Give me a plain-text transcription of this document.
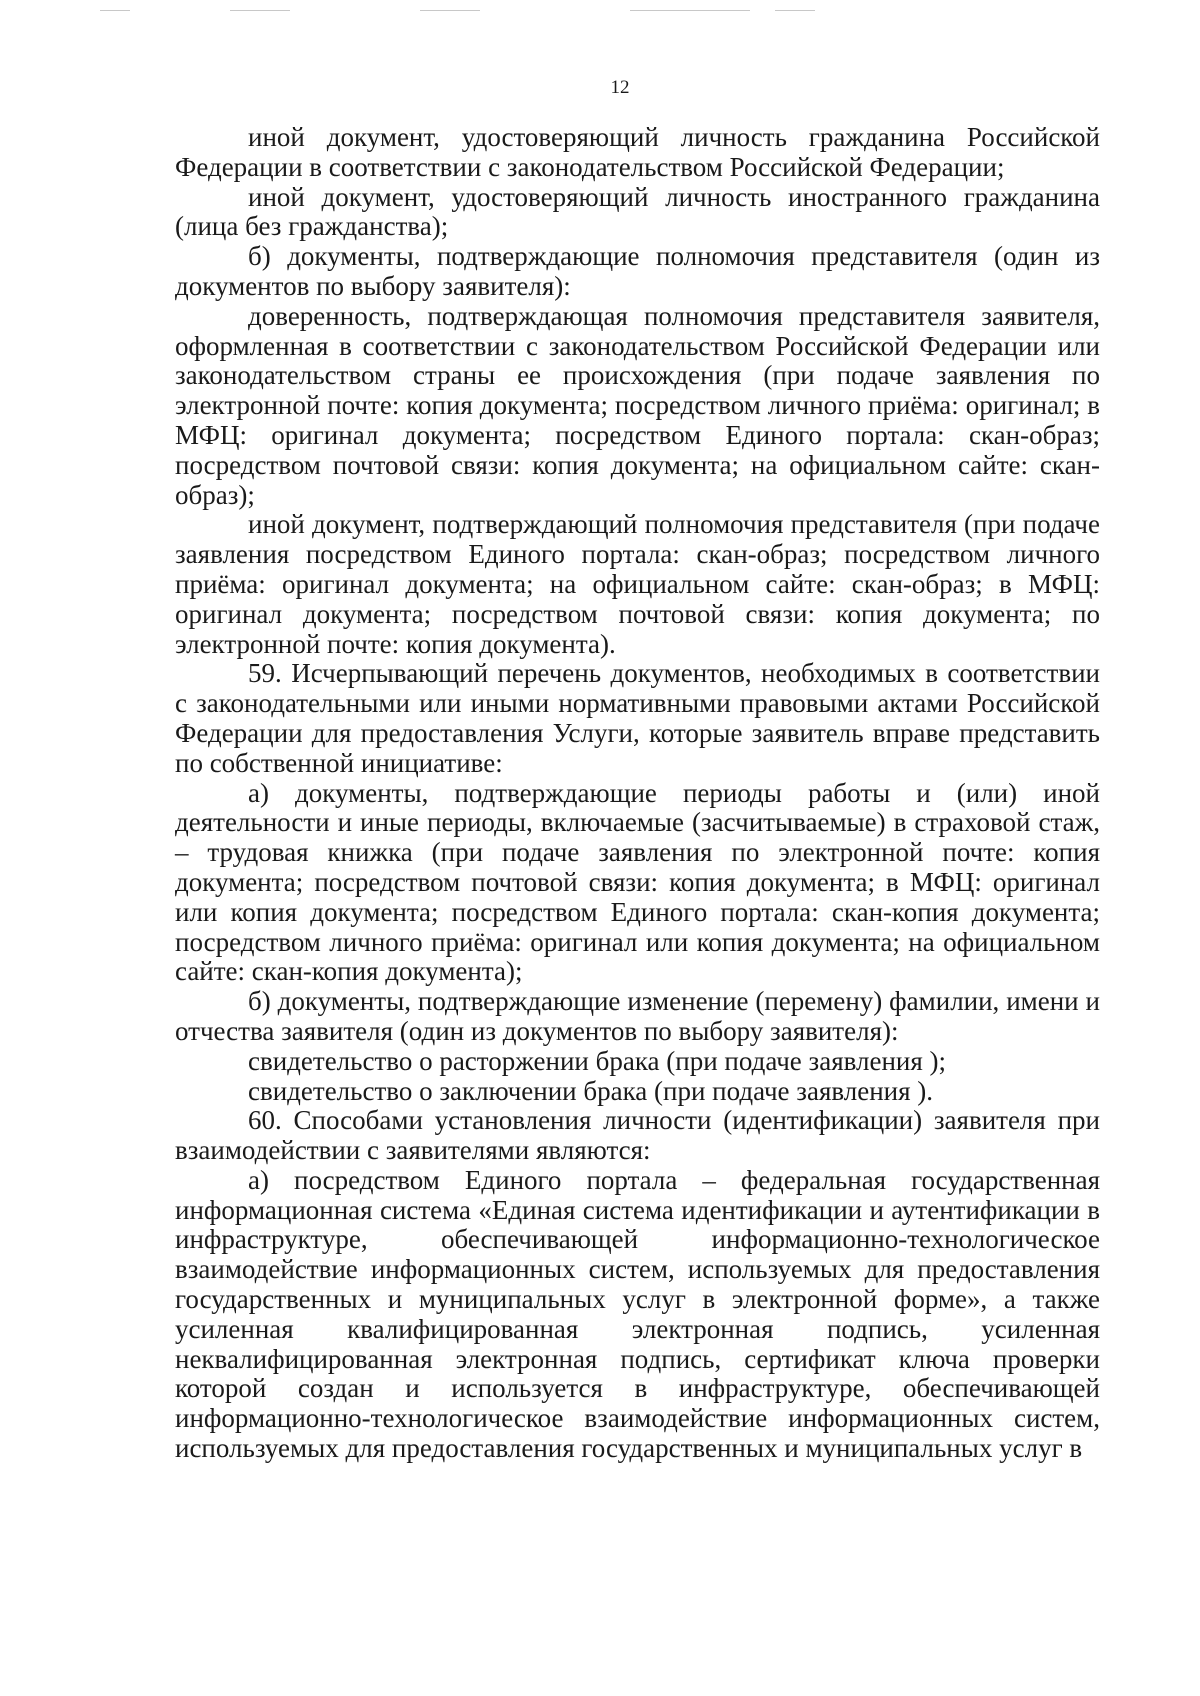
12

иной документ, удостоверяющий личность гражданина Российской Федерации в соответствии с законодательством Российской Федерации;

иной документ, удостоверяющий личность иностранного гражданина (лица без гражданства);

б) документы, подтверждающие полномочия представителя (один из документов по выбору заявителя):

доверенность, подтверждающая полномочия представителя заявителя, оформленная в соответствии с законодательством Российской Федерации или законодательством страны ее происхождения (при подаче заявления по электронной почте: копия документа; посредством личного приёма: оригинал; в МФЦ: оригинал документа; посредством Единого портала: скан-образ; посредством почтовой связи: копия документа; на официальном сайте: скан-образ);

иной документ, подтверждающий полномочия представителя (при подаче заявления посредством Единого портала: скан-образ; посредством личного приёма: оригинал документа; на официальном сайте: скан-образ; в МФЦ: оригинал документа; посредством почтовой связи: копия документа; по электронной почте: копия документа).

59. Исчерпывающий перечень документов, необходимых в соответствии с законодательными или иными нормативными правовыми актами Российской Федерации для предоставления Услуги, которые заявитель вправе представить по собственной инициативе:

а) документы, подтверждающие периоды работы и (или) иной деятельности и иные периоды, включаемые (засчитываемые) в страховой стаж, – трудовая книжка (при подаче заявления по электронной почте: копия документа; посредством почтовой связи: копия документа; в МФЦ: оригинал или копия документа; посредством Единого портала: скан-копия документа; посредством личного приёма: оригинал или копия документа; на официальном сайте: скан-копия документа);

б) документы, подтверждающие изменение (перемену) фамилии, имени и отчества заявителя (один из документов по выбору заявителя):

свидетельство о расторжении брака (при подаче заявления );

свидетельство о заключении брака (при подаче заявления ).

60. Способами установления личности (идентификации) заявителя при взаимодействии с заявителями являются:

а) посредством Единого портала – федеральная государственная информационная система «Единая система идентификации и аутентификации в инфраструктуре, обеспечивающей информационно-технологическое взаимодействие информационных систем, используемых для предоставления государственных и муниципальных услуг в электронной форме», а также усиленная квалифицированная электронная подпись, усиленная неквалифицированная электронная подпись, сертификат ключа проверки которой создан и используется в инфраструктуре, обеспечивающей информационно-технологическое взаимодействие информационных систем, используемых для предоставления государственных и муниципальных услуг в
